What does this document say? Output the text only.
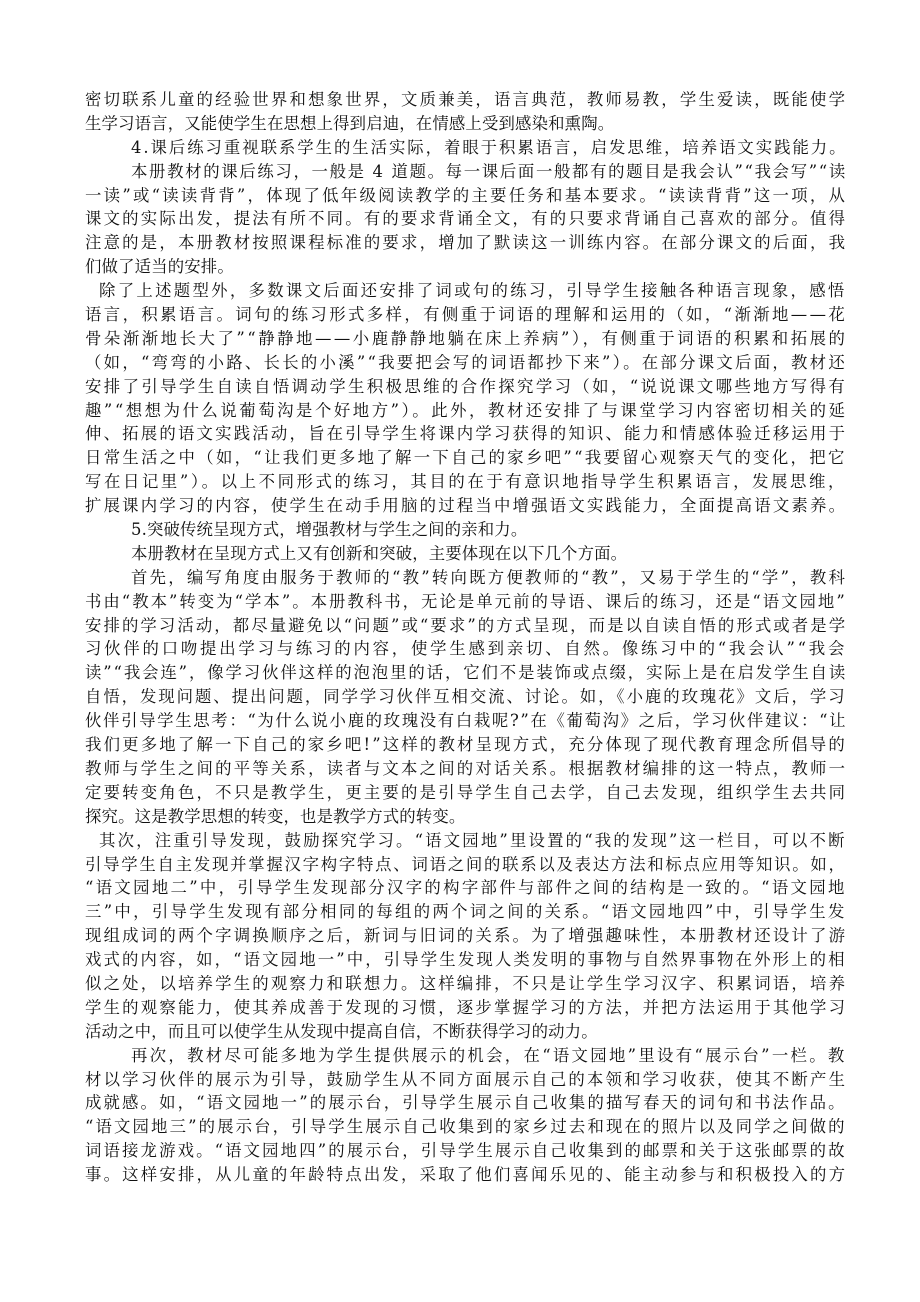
密切联系儿童的经验世界和想象世界，文质兼美，语言典范，教师易教，学生爱读，既能使学
生学习语言，又能使学生在思想上得到启迪，在情感上受到感染和熏陶。
4.课后练习重视联系学生的生活实际，着眼于积累语言，启发思维，培养语文实践能力。
本册教材的课后练习，一般是 4 道题。每一课后面一般都有的题目是我会认”“我会写”“读
一读”或“读读背背”，体现了低年级阅读教学的主要任务和基本要求。“读读背背”这一项，从
课文的实际出发，提法有所不同。有的要求背诵全文，有的只要求背诵自己喜欢的部分。值得
注意的是，本册教材按照课程标准的要求，增加了默读这一训练内容。在部分课文的后面，我
们做了适当的安排。
除了上述题型外，多数课文后面还安排了词或句的练习，引导学生接触各种语言现象，感悟
语言，积累语言。词句的练习形式多样，有侧重于词语的理解和运用的（如，“渐渐地——花
骨朵渐渐地长大了”“静静地——小鹿静静地躺在床上养病”），有侧重于词语的积累和拓展的
（如，“弯弯的小路、长长的小溪”“我要把会写的词语都抄下来”）。在部分课文后面，教材还
安排了引导学生自读自悟调动学生积极思维的合作探究学习（如，“说说课文哪些地方写得有
趣”“想想为什么说葡萄沟是个好地方”）。此外，教材还安排了与课堂学习内容密切相关的延
伸、拓展的语文实践活动，旨在引导学生将课内学习获得的知识、能力和情感体验迁移运用于
日常生活之中（如，“让我们更多地了解一下自己的家乡吧”“我要留心观察天气的变化，把它
写在日记里”）。以上不同形式的练习，其目的在于有意识地指导学生积累语言，发展思维，
扩展课内学习的内容，使学生在动手用脑的过程当中增强语文实践能力，全面提高语文素养。
5.突破传统呈现方式，增强教材与学生之间的亲和力。
本册教材在呈现方式上又有创新和突破，主要体现在以下几个方面。
首先，编写角度由服务于教师的“教”转向既方便教师的“教”，又易于学生的“学”，教科
书由“教本”转变为“学本”。本册教科书，无论是单元前的导语、课后的练习，还是“语文园地”
安排的学习活动，都尽量避免以“问题”或“要求”的方式呈现，而是以自读自悟的形式或者是学
习伙伴的口吻提出学习与练习的内容，使学生感到亲切、自然。像练习中的“我会认”“我会
读”“我会连”，像学习伙伴这样的泡泡里的话，它们不是装饰或点缀，实际上是在启发学生自读
自悟，发现问题、提出问题，同学学习伙伴互相交流、讨论。如，《小鹿的玫瑰花》文后，学习
伙伴引导学生思考：“为什么说小鹿的玫瑰没有白栽呢?”在《葡萄沟》之后，学习伙伴建议：“让
我们更多地了解一下自己的家乡吧!”这样的教材呈现方式，充分体现了现代教育理念所倡导的
教师与学生之间的平等关系，读者与文本之间的对话关系。根据教材编排的这一特点，教师一
定要转变角色，不只是教学生，更主要的是引导学生自己去学，自己去发现，组织学生去共同
探究。这是教学思想的转变，也是教学方式的转变。
其次，注重引导发现，鼓励探究学习。“语文园地”里设置的“我的发现”这一栏目，可以不断
引导学生自主发现并掌握汉字构字特点、词语之间的联系以及表达方法和标点应用等知识。如，
“语文园地二”中，引导学生发现部分汉字的构字部件与部件之间的结构是一致的。“语文园地
三”中，引导学生发现有部分相同的每组的两个词之间的关系。“语文园地四”中，引导学生发
现组成词的两个字调换顺序之后，新词与旧词的关系。为了增强趣味性，本册教材还设计了游
戏式的内容，如，“语文园地一”中，引导学生发现人类发明的事物与自然界事物在外形上的相
似之处，以培养学生的观察力和联想力。这样编排，不只是让学生学习汉字、积累词语，培养
学生的观察能力，使其养成善于发现的习惯，逐步掌握学习的方法，并把方法运用于其他学习
活动之中，而且可以使学生从发现中提高自信，不断获得学习的动力。
再次，教材尽可能多地为学生提供展示的机会，在“语文园地”里设有“展示台”一栏。教
材以学习伙伴的展示为引导，鼓励学生从不同方面展示自己的本领和学习收获，使其不断产生
成就感。如，“语文园地一”的展示台，引导学生展示自己收集的描写春天的词句和书法作品。
“语文园地三”的展示台，引导学生展示自己收集到的家乡过去和现在的照片以及同学之间做的
词语接龙游戏。“语文园地四”的展示台，引导学生展示自己收集到的邮票和关于这张邮票的故
事。这样安排，从儿童的年龄特点出发，采取了他们喜闻乐见的、能主动参与和积极投入的方
